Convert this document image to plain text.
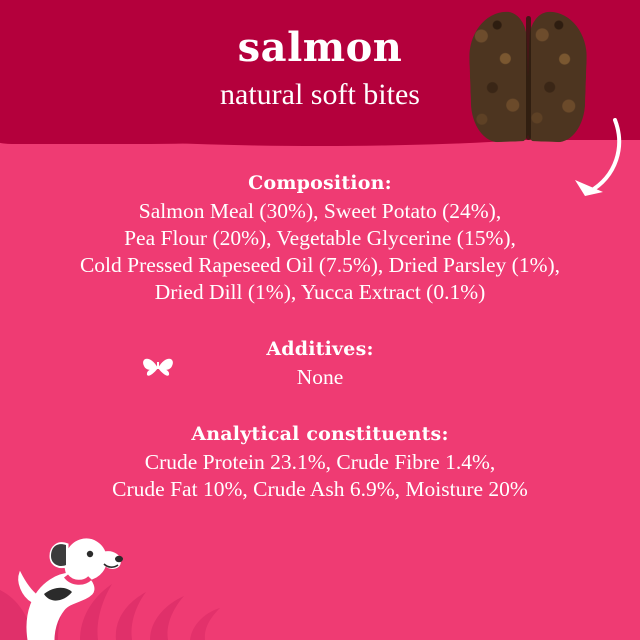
salmon
natural soft bites

Composition:

Salmon Meal (30%), Sweet Potato (24%),
Pea Flour (20%), Vegetable Glycerine (15%),
Cold Pressed Rapeseed Oil (7.5%), Dried Parsley (1%),
Dried Dill (1%), Yucca Extract (0.1%)

Additives:

None

Analytical constituents:

Crude Protein 23.1%, Crude Fibre 1.4%,
Crude Fat 10%, Crude Ash 6.9%, Moisture 20%
